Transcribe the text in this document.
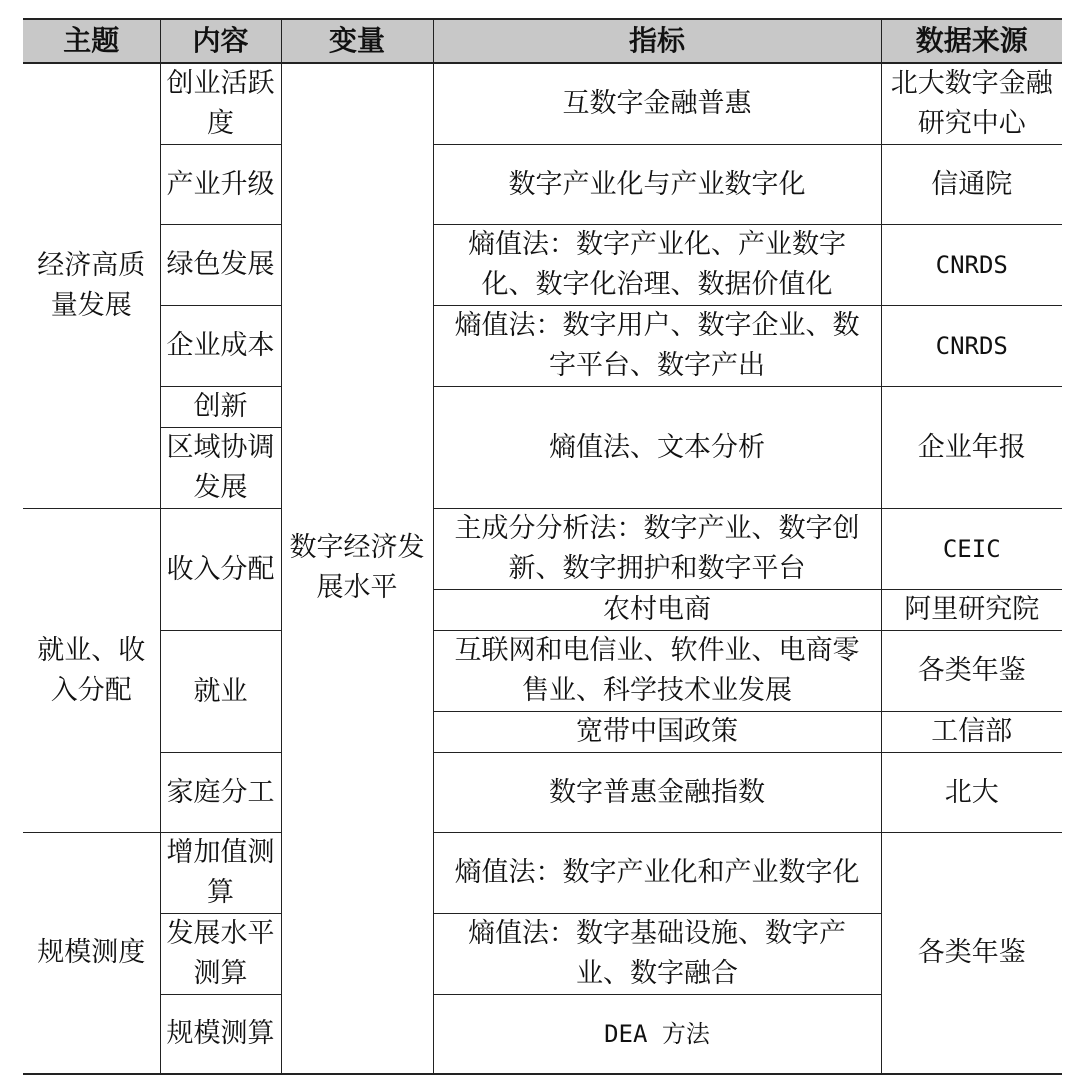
主题	内容	变量	指标	数据来源
经济高质量发展	创业活跃度	数字经济发展水平	互数字金融普惠	北大数字金融研究中心
	产业升级		数字产业化与产业数字化	信通院
	绿色发展		熵值法：数字产业化、产业数字化、数字化治理、数据价值化	CNRDS
	企业成本		熵值法：数字用户、数字企业、数字平台、数字产出	CNRDS
	创新		熵值法、文本分析	企业年报
	区域协调发展			
就业、收入分配	收入分配		主成分分析法：数字产业、数字创新、数字拥护和数字平台	CEIC
			农村电商	阿里研究院
	就业		互联网和电信业、软件业、电商零售业、科学技术业发展	各类年鉴
			宽带中国政策	工信部
	家庭分工		数字普惠金融指数	北大
规模测度	增加值测算		熵值法：数字产业化和产业数字化	各类年鉴
	发展水平测算		熵值法：数字基础设施、数字产业、数字融合	
	规模测算		DEA 方法	
